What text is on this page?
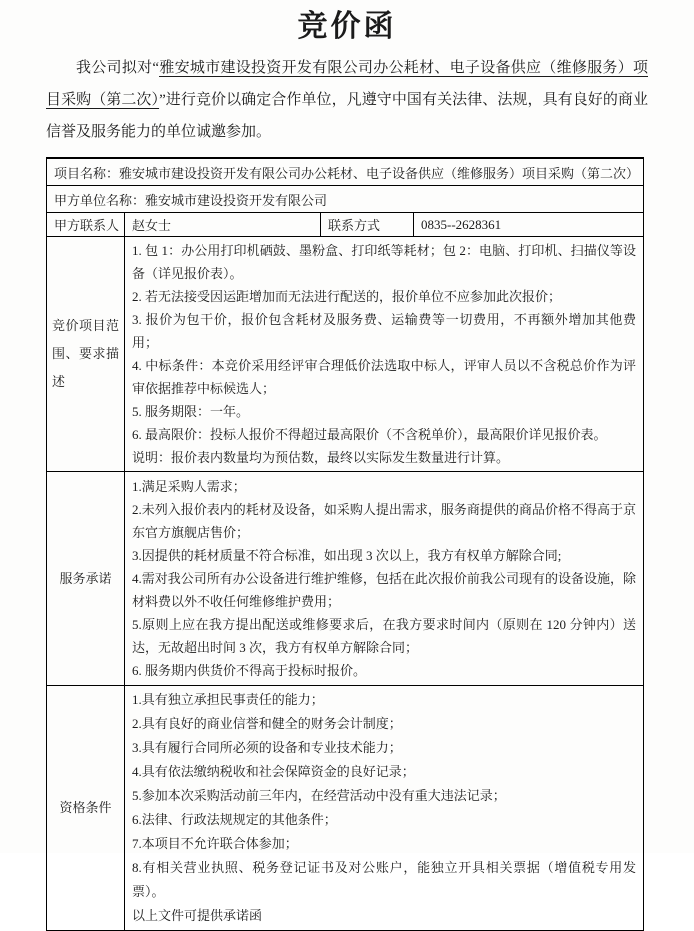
竞价函

我公司拟对“雅安城市建设投资开发有限公司办公耗材、电子设备供应（维修服务）项目采购（第二次）”进行竞价以确定合作单位，凡遵守中国有关法律、法规，具有良好的商业信誉及服务能力的单位诚邀参加。

项目名称：雅安城市建设投资开发有限公司办公耗材、电子设备供应（维修服务）项目采购（第二次）			
甲方单位名称：雅安城市建设投资开发有限公司			
甲方联系人	赵女士	联系方式	0835--2628361
竞价项目范围、要求描述	
1. 包 1：办公用打印机硒鼓、墨粉盒、打印纸等耗材；包 2：电脑、打印机、扫描仪等设备（详见报价表）。
2. 若无法接受因运距增加而无法进行配送的，报价单位不应参加此次报价；
3. 报价为包干价，报价包含耗材及服务费、运输费等一切费用，不再额外增加其他费用；
4. 中标条件：本竞价采用经评审合理低价法选取中标人，评审人员以不含税总价作为评审依据推荐中标候选人；
5. 服务期限：一年。
6. 最高限价：投标人报价不得超过最高限价（不含税单价），最高限价详见报价表。
说明：报价表内数量均为预估数，最终以实际发生数量进行计算。

服务承诺	
1.满足采购人需求；
2.未列入报价表内的耗材及设备，如采购人提出需求，服务商提供的商品价格不得高于京东官方旗舰店售价；
3.因提供的耗材质量不符合标准，如出现 3 次以上，我方有权单方解除合同;
4.需对我公司所有办公设备进行维护维修，包括在此次报价前我公司现有的设备设施，除材料费以外不收任何维修维护费用；
5.原则上应在我方提出配送或维修要求后，在我方要求时间内（原则在 120 分钟内）送达，无故超出时间 3 次，我方有权单方解除合同；
6. 服务期内供货价不得高于投标时报价。

资格条件	
1.具有独立承担民事责任的能力；
2.具有良好的商业信誉和健全的财务会计制度；
3.具有履行合同所必须的设备和专业技术能力；
4.具有依法缴纳税收和社会保障资金的良好记录；
5.参加本次采购活动前三年内，在经营活动中没有重大违法记录；
6.法律、行政法规规定的其他条件；
7.本项目不允许联合体参加；
8.有相关营业执照、税务登记证书及对公账户，能独立开具相关票据（增值税专用发票）。
以上文件可提供承诺函
